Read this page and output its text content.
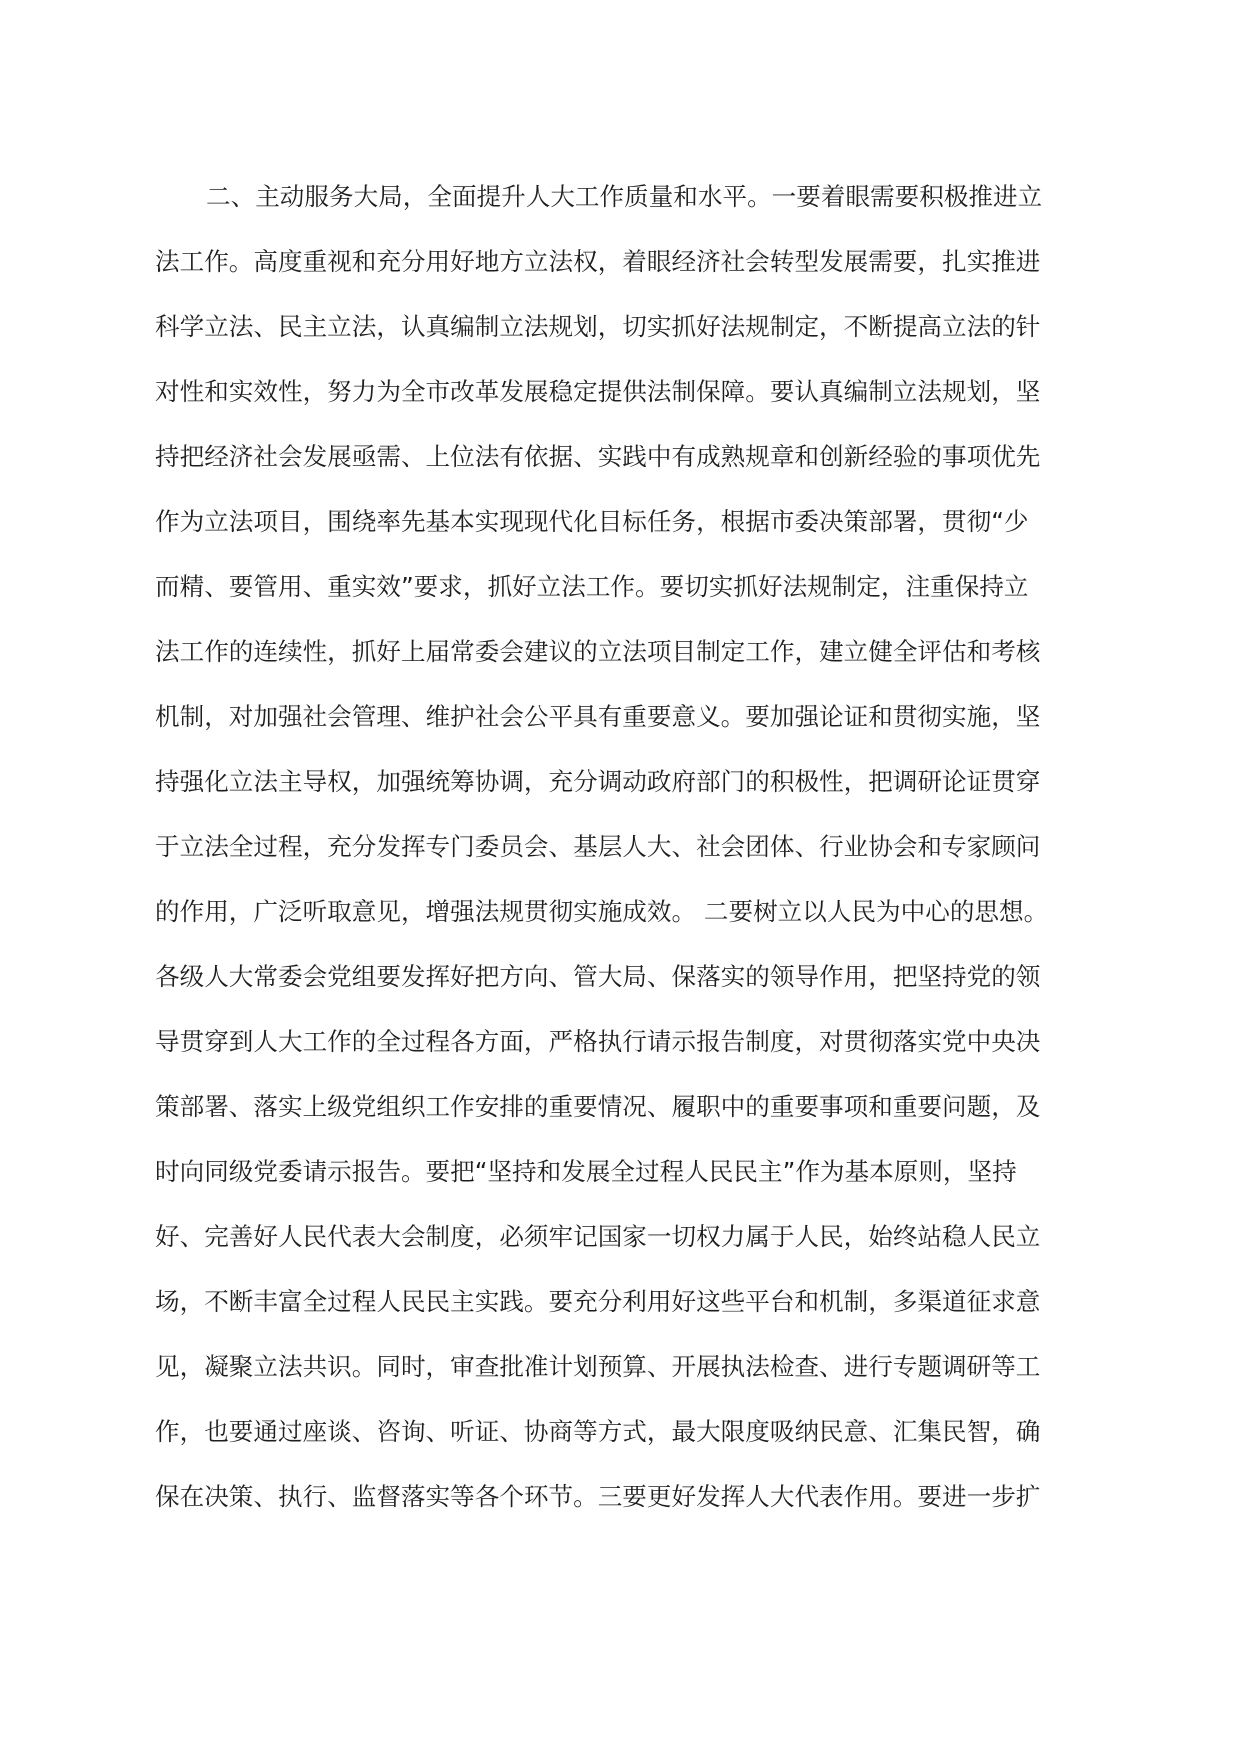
二、主动服务大局，全面提升人大工作质量和水平。一要着眼需要积极推进立
法工作。高度重视和充分用好地方立法权，着眼经济社会转型发展需要，扎实推进
科学立法、民主立法，认真编制立法规划，切实抓好法规制定，不断提高立法的针
对性和实效性，努力为全市改革发展稳定提供法制保障。要认真编制立法规划，坚
持把经济社会发展亟需、上位法有依据、实践中有成熟规章和创新经验的事项优先
作为立法项目，围绕率先基本实现现代化目标任务，根据市委决策部署，贯彻“少
而精、要管用、重实效”要求，抓好立法工作。要切实抓好法规制定，注重保持立
法工作的连续性，抓好上届常委会建议的立法项目制定工作，建立健全评估和考核
机制，对加强社会管理、维护社会公平具有重要意义。要加强论证和贯彻实施，坚
持强化立法主导权，加强统筹协调，充分调动政府部门的积极性，把调研论证贯穿
于立法全过程，充分发挥专门委员会、基层人大、社会团体、行业协会和专家顾问
的作用，广泛听取意见，增强法规贯彻实施成效。 二要树立以人民为中心的思想。
各级人大常委会党组要发挥好把方向、管大局、保落实的领导作用，把坚持党的领
导贯穿到人大工作的全过程各方面，严格执行请示报告制度，对贯彻落实党中央决
策部署、落实上级党组织工作安排的重要情况、履职中的重要事项和重要问题，及
时向同级党委请示报告。要把“坚持和发展全过程人民民主”作为基本原则，坚持
好、完善好人民代表大会制度，必须牢记国家一切权力属于人民，始终站稳人民立
场，不断丰富全过程人民民主实践。要充分利用好这些平台和机制，多渠道征求意
见，凝聚立法共识。同时，审查批准计划预算、开展执法检查、进行专题调研等工
作，也要通过座谈、咨询、听证、协商等方式，最大限度吸纳民意、汇集民智，确
保在决策、执行、监督落实等各个环节。三要更好发挥人大代表作用。要进一步扩
